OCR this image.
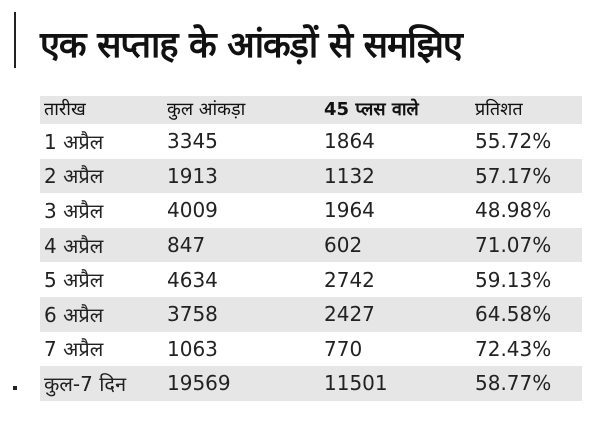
एक सप्ताह के आंकड़ों से समझिए
तारीख	कुल आंकड़ा	45 प्लस वाले	प्रतिशत
1 अप्रैल	3345	1864	55.72%
2 अप्रैल	1913	1132	57.17%
3 अप्रैल	4009	1964	48.98%
4 अप्रैल	847	602	71.07%
5 अप्रैल	4634	2742	59.13%
6 अप्रैल	3758	2427	64.58%
7 अप्रैल	1063	770	72.43%
कुल-7 दिन 19569	11501	58.77%
